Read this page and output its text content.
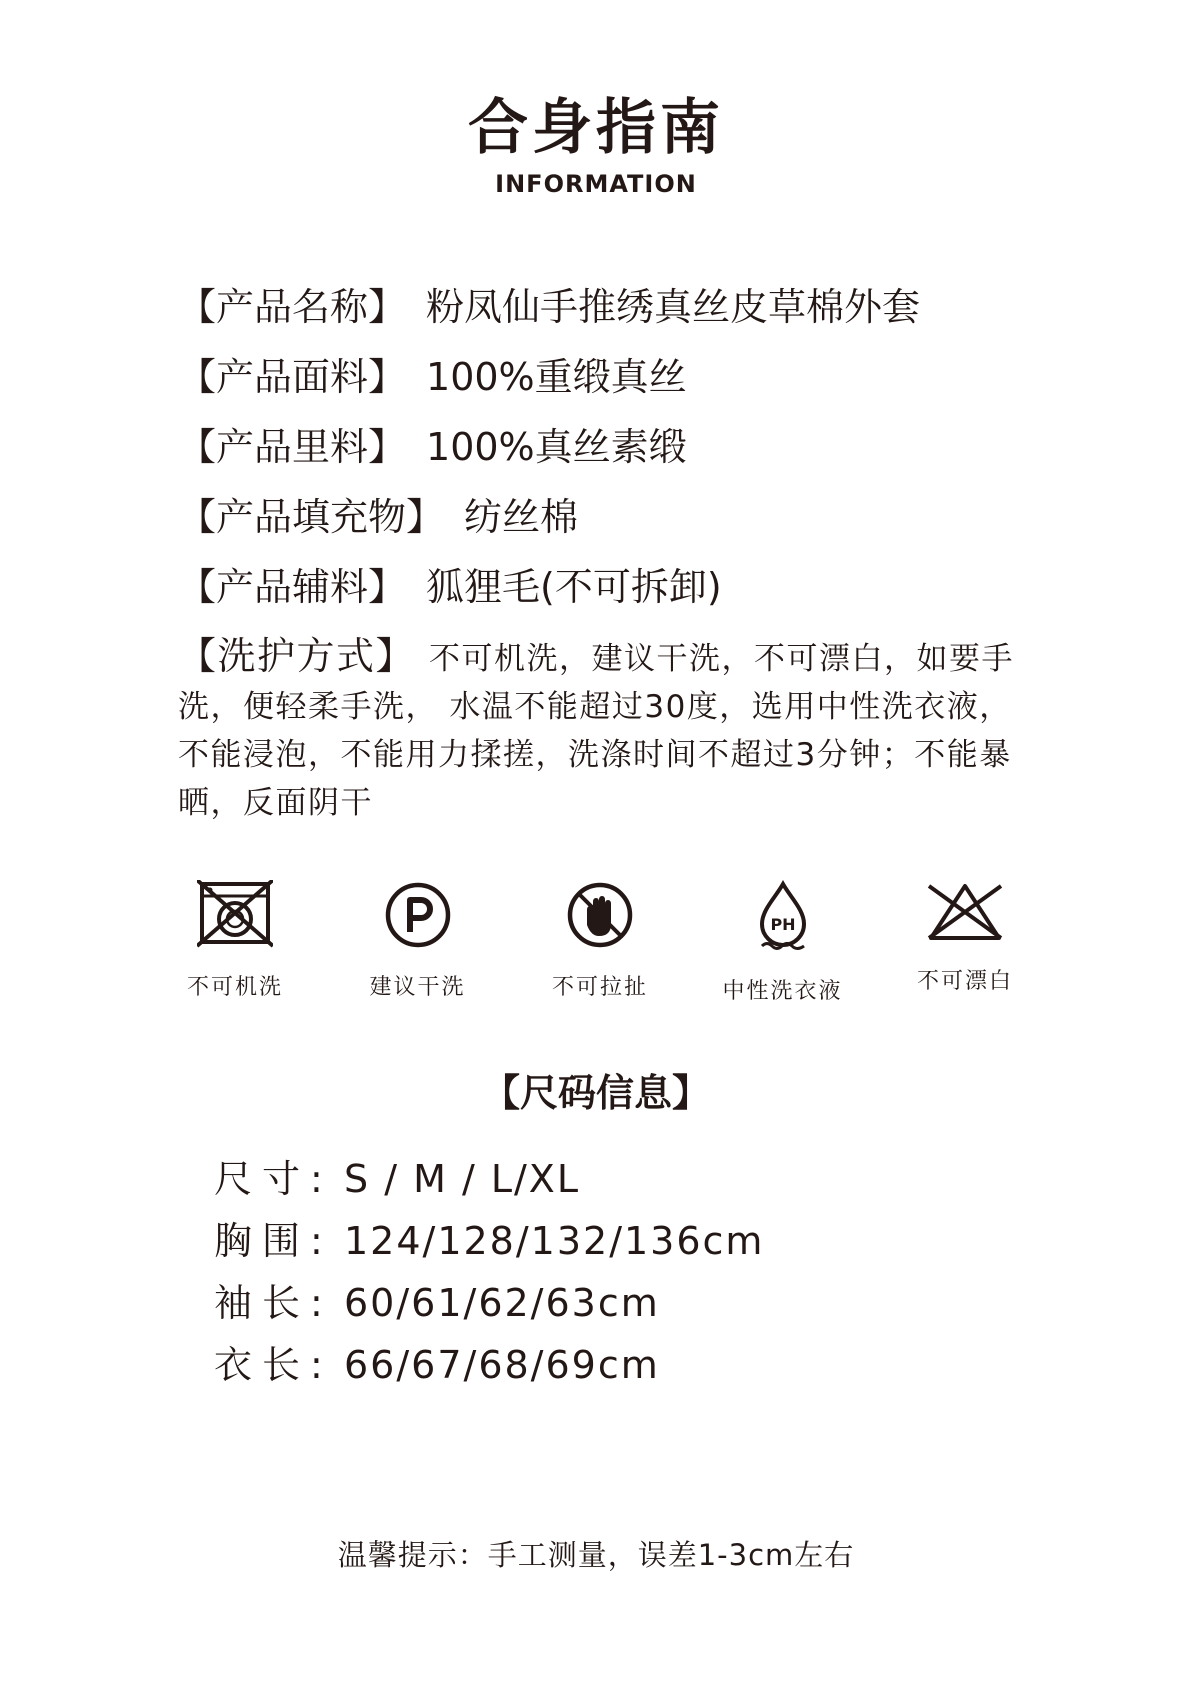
合身指南
INFORMATION
【产品名称】 粉凤仙手推绣真丝皮草棉外套
【产品面料】 100%重缎真丝
【产品里料】 100%真丝素缎
【产品填充物】 纺丝棉
【产品辅料】 狐狸毛(不可拆卸)
【洗护方式】 不可机洗，建议干洗，不可漂白，如要手洗，便轻柔手洗， 水温不能超过30度，选用中性洗衣液，不能浸泡，不能用力揉搓，洗涤时间不超过3分钟；不能暴晒，反面阴干
不可机洗	建议干洗	不可拉扯
PH
中性洗衣液	不可漂白
【尺码信息】
尺寸: S / M / L/XL
胸围: 124/128/132/136cm
袖长: 60/61/62/63cm
衣长: 66/67/68/69cm
温馨提示：手工测量，误差1-3cm左右
